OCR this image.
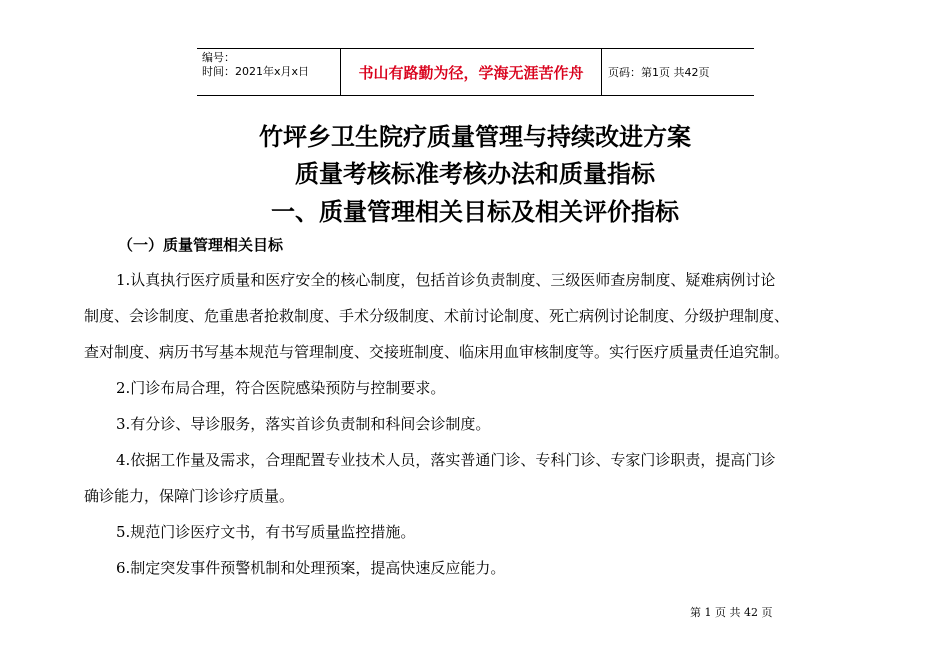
编号：
时间：2021年x月x日	书山有路勤为径，学海无涯苦作舟	页码：第1页 共42页
竹坪乡卫生院疗质量管理与持续改进方案
质量考核标准考核办法和质量指标
一、质量管理相关目标及相关评价指标
（一）质量管理相关目标
1.认真执行医疗质量和医疗安全的核心制度，包括首诊负责制度、三级医师查房制度、疑难病例讨论
制度、会诊制度、危重患者抢救制度、手术分级制度、术前讨论制度、死亡病例讨论制度、分级护理制度、
查对制度、病历书写基本规范与管理制度、交接班制度、临床用血审核制度等。实行医疗质量责任追究制。
2.门诊布局合理，符合医院感染预防与控制要求。
3.有分诊、导诊服务，落实首诊负责制和科间会诊制度。
4.依据工作量及需求，合理配置专业技术人员，落实普通门诊、专科门诊、专家门诊职责，提高门诊
确诊能力，保障门诊诊疗质量。
5.规范门诊医疗文书，有书写质量监控措施。
6.制定突发事件预警机制和处理预案，提高快速反应能力。
第 1 页 共 42 页
